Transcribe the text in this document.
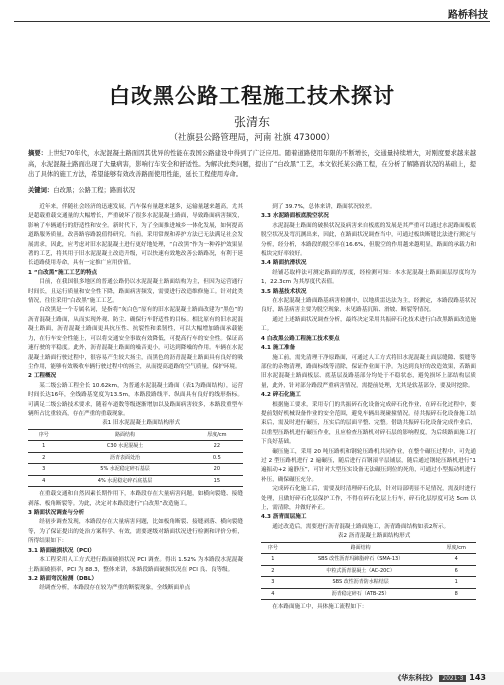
路桥科技
白改黑公路工程施工技术探讨
张清东
（社旗县公路管理局，河南 社旗 473000）
摘要：上世纪70年代，水泥混凝土路面因其优异的性能在我国公路建设中得到了广泛应用。随着道路使用年限的不断增长，交通量持续增大，对刚度要求越来越高，水泥混凝土路面出现了大量病害，影响行车安全和舒适性。为解决此类问题，提出了“白改黑”工艺，本文依托某公路工程，在分析了解路面状况的基础上，提出了具体的施工方法，希望能够有效改善路面使用性能，延长工程使用寿命。
关键词：白改黑；公路工程；路面状况

近年来，伴随社会经济的迅速发展，汽车保有量越来越多，运输量越来越高，尤其是超载重载交通量的大幅增长，严重破坏了很多水泥混凝土路面，导致路面病害频发，影响了车辆通行的舒适性和安全。新时代下，为了全面推进城乡一体化发展，如何提高道路服务质量，改善路容路貌值得研究。当前，采用常规和养护方法已无法满足社会发展需求，因此，应考虑对旧水泥混凝土进行更好地处理，“白改黑”作为一种养护效果显著的工艺，将其用于旧水泥混凝土改造升级，可以快速有效地改善公路路况，有利于延长道路使用寿命，具有一定推广应用价值。

1 “白改黑”施工工艺的特点

目前，在我国很多地区的普通公路仍以水泥混凝土路面结构为主，但因为运营通行时间长，且运行质量和安全性下降，路面病害频发，需要进行改造维修施工。针对此类情况，往往采用“白改黑”施工工艺。

白改黑是一个专属名词，是指将“灰白色”原有的旧水泥混凝土路面改建为“黑色”的沥青混凝土路面，从而实现外观、防尘、确保行车舒适性的目标。相比原有的旧水泥混凝土路面，沥青混凝土路面更具抗压性、抗裂性和柔韧性，可以大幅增加路面承载能力，在行车安全性能上，可以将交通安全事故有效降低，可提高行车的安全性。保证高速行驶的平稳度。此外，沥青混凝土路面的噪音更小，可达到降噪的作用。车辆在水泥混凝土路面行驶过程中，很容易产生较大扬尘，而黑色的沥青混凝土路面具有良好的吸尘作用，能够有效吸收车辆行驶过程中的扬尘，从而提高道路的空气质量，保护环境。

2 工程概况

某二级公路工程全长 10.62km，为普通水泥混凝土路面（表1为路面结构），运营时间长达16年，全线路基宽度为13.5m，本路段路线平、纵面具有良好的线形指标。可满足二级公路技术要求，随着车道数等级逐渐增加以及路面病害较多，本路段重型车辆所占比重较高，存在严重的重载现象。

表1 旧水泥混凝土路面结构形式

序号	路面结构	厚度/cm
1	C30 水泥混凝土	22
2	沥青表面处治	0.5
3	5% 水泥稳定碎石基层	20
4	4% 水泥稳定碎石底基层	15

在重载交通和自然因素长期作用下，本路段存在大量病害问题，如横向裂缝、接缝剥落、板角断裂等。为此，决定对本路段进行“白改黑”改造施工。

3 路面状况调查与分析

经初步调查发现，本路段存在大量病害问题，比如板角断裂、接缝剥落、横向裂缝等，为了保证提出的处治方案科学、有效，需要逐级对路面状况进行检测和评价分析，所得结果如下：

3.1 路面破损状况（PCI）

本工程采用人工方式进行路面破损状况 PCI 调查。得出 1.52% 为本路段水泥混凝土路面破损率，PCI 为 88.3，整体来讲，本路段路面破损状况在 PCI 良、良等级。

3.2 路面弯沉检测（DBL）

经调查分析，本路段存在较为严重的断裂现象，全线断面单点

到了 39.7%，总体来讲，路面状况较差。

3.3 水泥路面板底脱空状况

水泥混凝土路面的破损状况及病害来自板底的发展是其严重可以通过水泥路面板底脱空状况及弯沉测出来，因此，在路面状况调查当中，可通过板块断缝比法进行测定与分析，经分析，本路段的脱空率在16.6%，但脱空的作用越来越明显，路面的承载力和板块完好率较好。

3.4 路面抗滑状况

经铺芯取样法可测定路面的厚度，经检测可知：本水泥混凝土路面面层厚度均为1，22.3cm 为其厚度代表值。

3.5 路基技术状况

在水泥混凝土路面路基病害检测中，以地质雷达法为主，经测定，本路段路基状况良好，路基病害主要为脱空现象，未见路基沉陷、滑坡、断裂等情况。

通过上述路面状况调查分析，最终决定采用共振碎石化技术进行白改黑路面改造施工。

4 白改黑公路工程施工技术要点

4.1 施工准备

施工前，需先清理干净原路面，可通过人工方式将旧水泥混凝土面层缝隙、裂缝等部位的杂物清理，路面标线等清除，保证作业面干净。为达到良好的改造效果，若路面旧水泥混凝土路面板层、底基层及路基部分均处于不稳状态，避免损坏上部结构层质量，此外，针对部分路段严重病害情况，需提前处理，尤其是软基部分，要及时挖除。

4.2 碎石化施工

根据施工要求，采用专门的共振碎石化设备完成碎石化作业，在碎石化过程中，要提前划好机械设备作业的安全范围，避免车辆出现碰撞情况。待共振碎石化设备施工结束后，需及时进行碾压，压实后的层面平整、完整。借助共振碎石化设备完成作业后，以重型压路机进行碾压作业，且应检查压路机对碎石层的影响程度，为后续路面施工打下良好基础。

碾压施工，采用 20 吨压路机和钢轮压路机共同作业，在整个碾压过程中，可先通过 2 型压路机进行 2 遍碾压，随后进行百钢滚平层铺层，随后通过钢轮压路机进行“1 遍振动+2 遍静压”，可针对大型压实设备无法碾压到位的死角，可通过小型振动机进行补压，确保碾压充分。

完成碎石化施工后，需要及时清理碎石化层，针对局部明显不足情况，需及时进行处理，且做好碎石化层保护工作，不得在碎石化层上行车，碎石化层厚度可达 5cm 以上，需清除，并做好补正。

4.3 沥青面层施工

通过改造后，需要进行沥青混凝土路面施工，沥青路面结构如表2所示。

表2 沥青混凝土路面结构形式

序号	路面结构	厚度/cm
1	SBS 改性沥青玛蹄脂碎石（SMA-13）	4
2	中粒式沥青混凝土（AC-20C）	6
3	SBS 改性沥青防水粘结层	1
4	沥青稳定碎石（ATB-25）	8

在本路面施工中，具体施工流程如下：

《华东科技》 2021·3 143
